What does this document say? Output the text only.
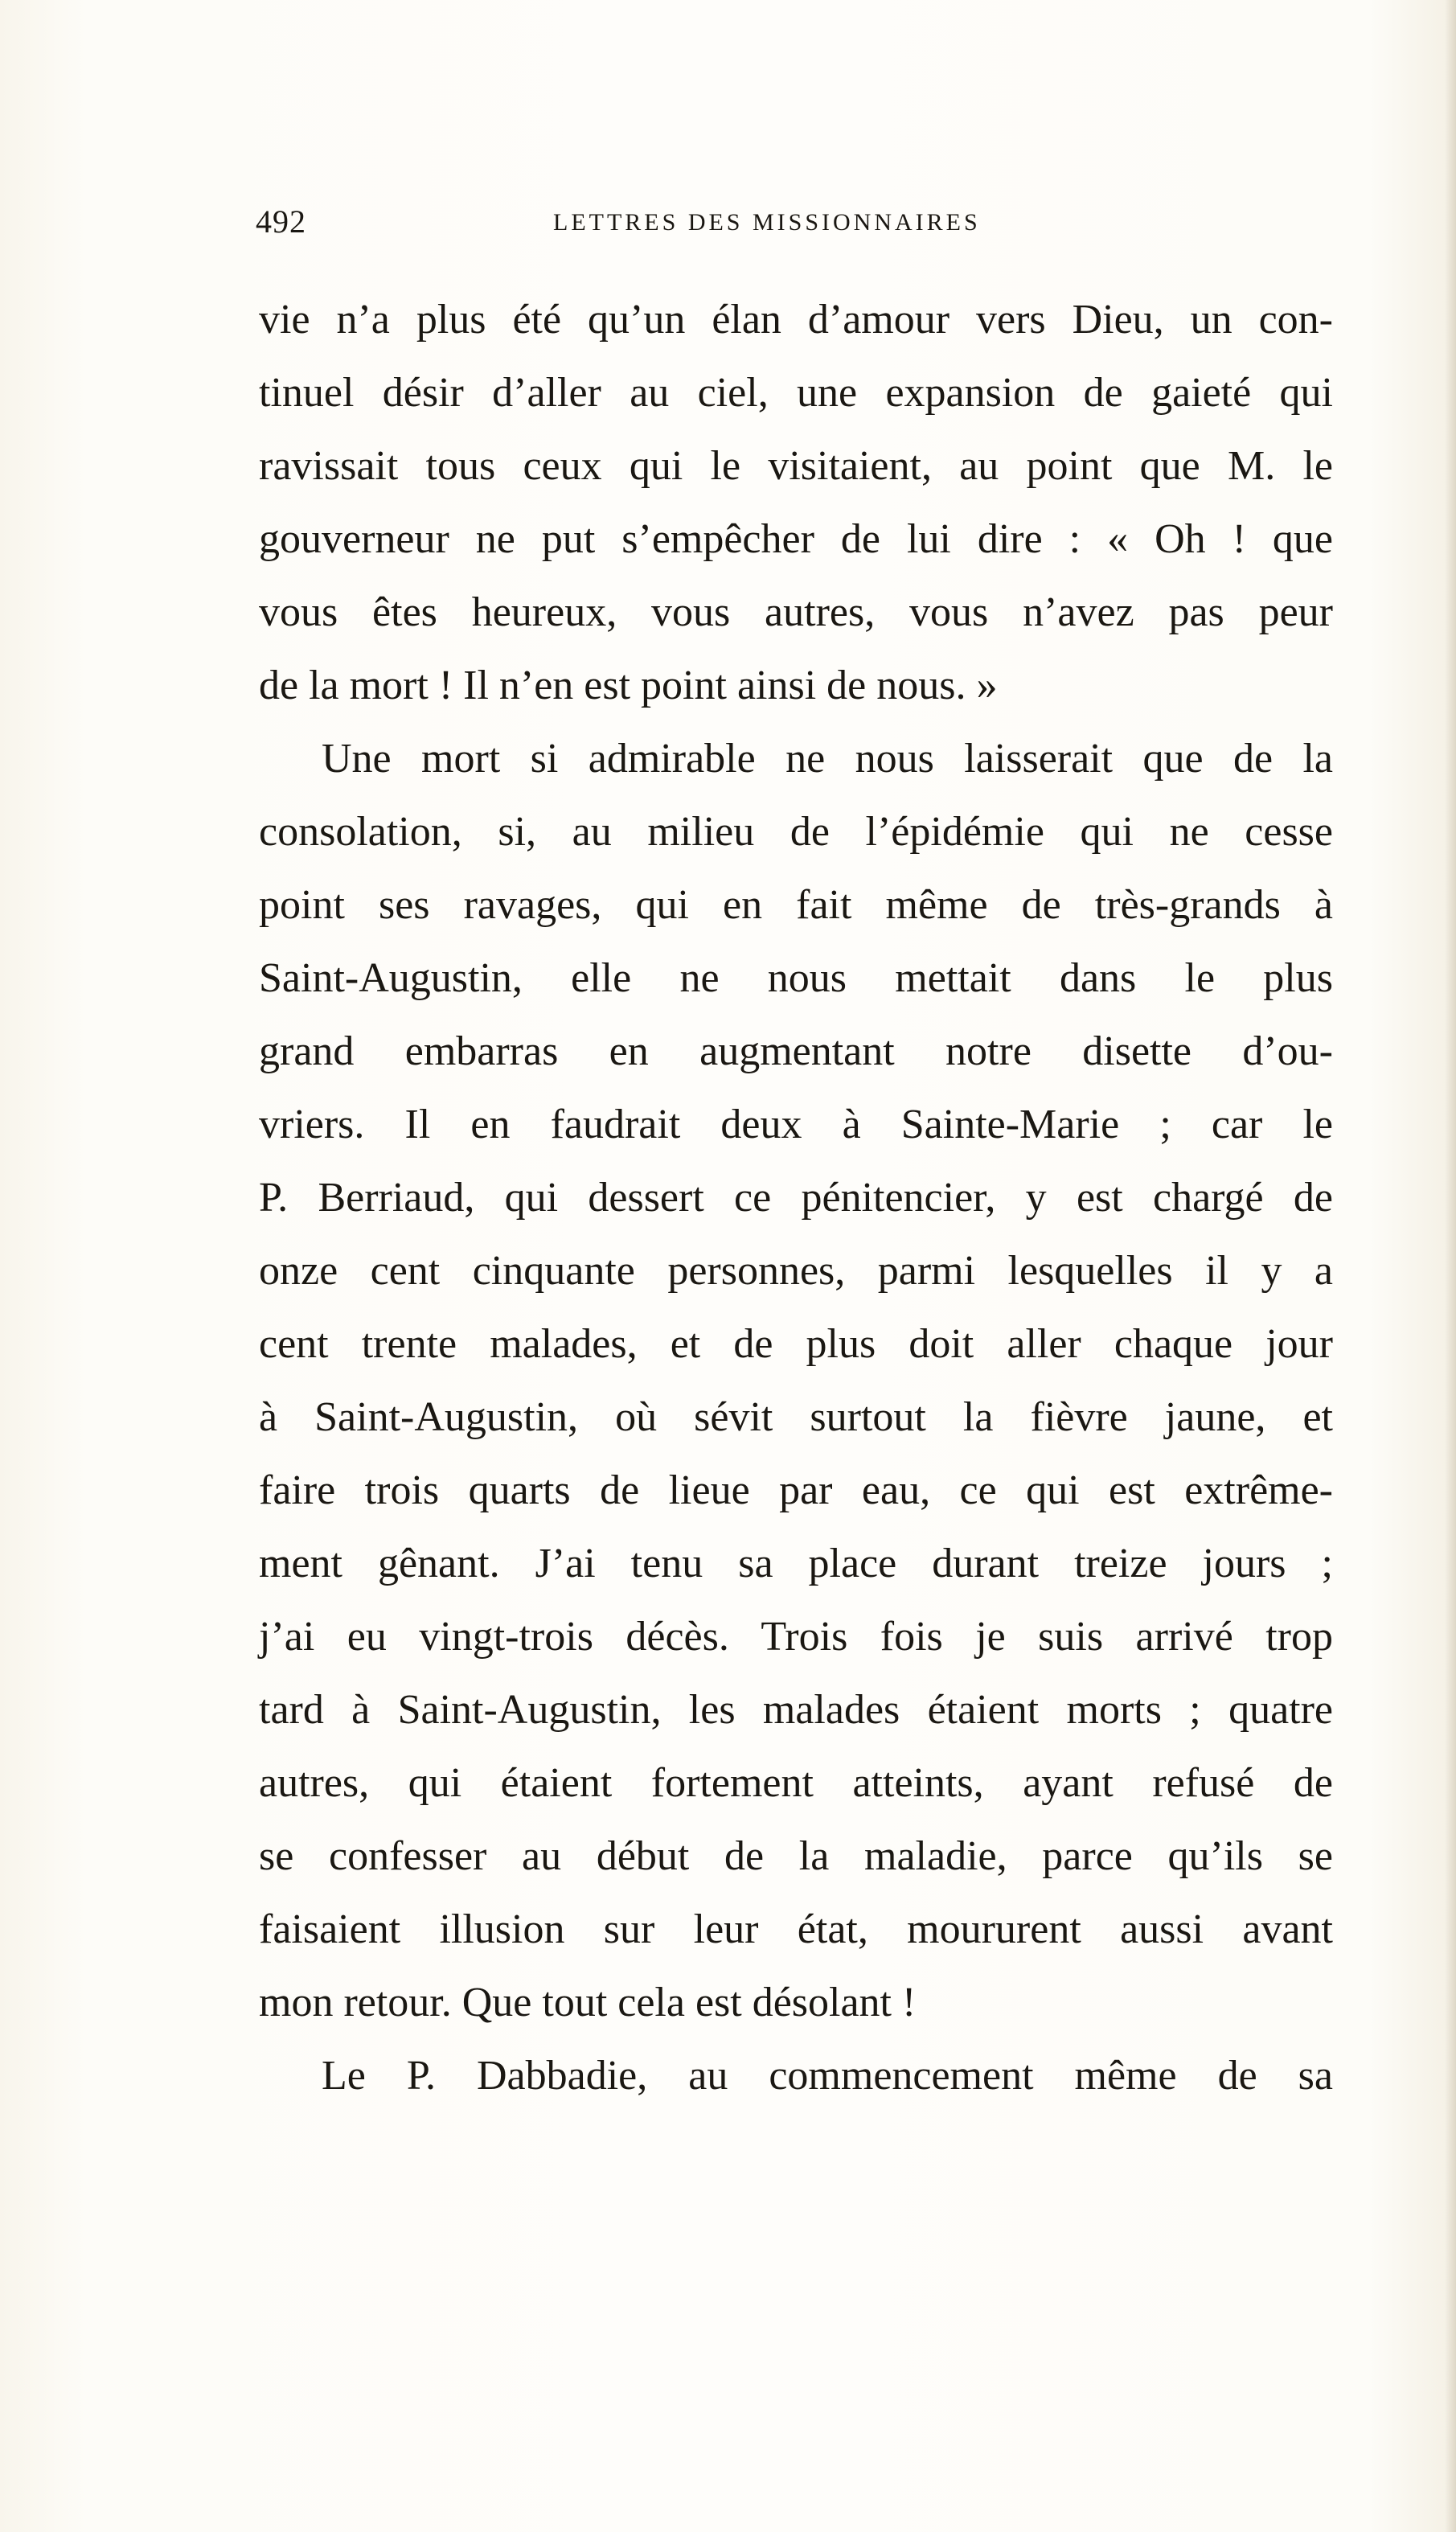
492	LETTRES DES MISSIONNAIRES
vie n’a plus été qu’un élan d’amour vers Dieu, un con-
tinuel désir d’aller au ciel, une expansion de gaieté qui
ravissait tous ceux qui le visitaient, au point que M. le
gouverneur ne put s’empêcher de lui dire : « Oh ! que
vous êtes heureux, vous autres, vous n’avez pas peur
de la mort ! Il n’en est point ainsi de nous. »
Une mort si admirable ne nous laisserait que de la
consolation, si, au milieu de l’épidémie qui ne cesse
point ses ravages, qui en fait même de très-grands à
Saint-Augustin, elle ne nous mettait dans le plus
grand embarras en augmentant notre disette d’ou-
vriers. Il en faudrait deux à Sainte-Marie ; car le
P. Berriaud, qui dessert ce pénitencier, y est chargé de
onze cent cinquante personnes, parmi lesquelles il y a
cent trente malades, et de plus doit aller chaque jour
à Saint-Augustin, où sévit surtout la fièvre jaune, et
faire trois quarts de lieue par eau, ce qui est extrême-
ment gênant. J’ai tenu sa place durant treize jours ;
j’ai eu vingt-trois décès. Trois fois je suis arrivé trop
tard à Saint-Augustin, les malades étaient morts ; quatre
autres, qui étaient fortement atteints, ayant refusé de
se confesser au début de la maladie, parce qu’ils se
faisaient illusion sur leur état, moururent aussi avant
mon retour. Que tout cela est désolant !
Le P. Dabbadie, au commencement même de sa
